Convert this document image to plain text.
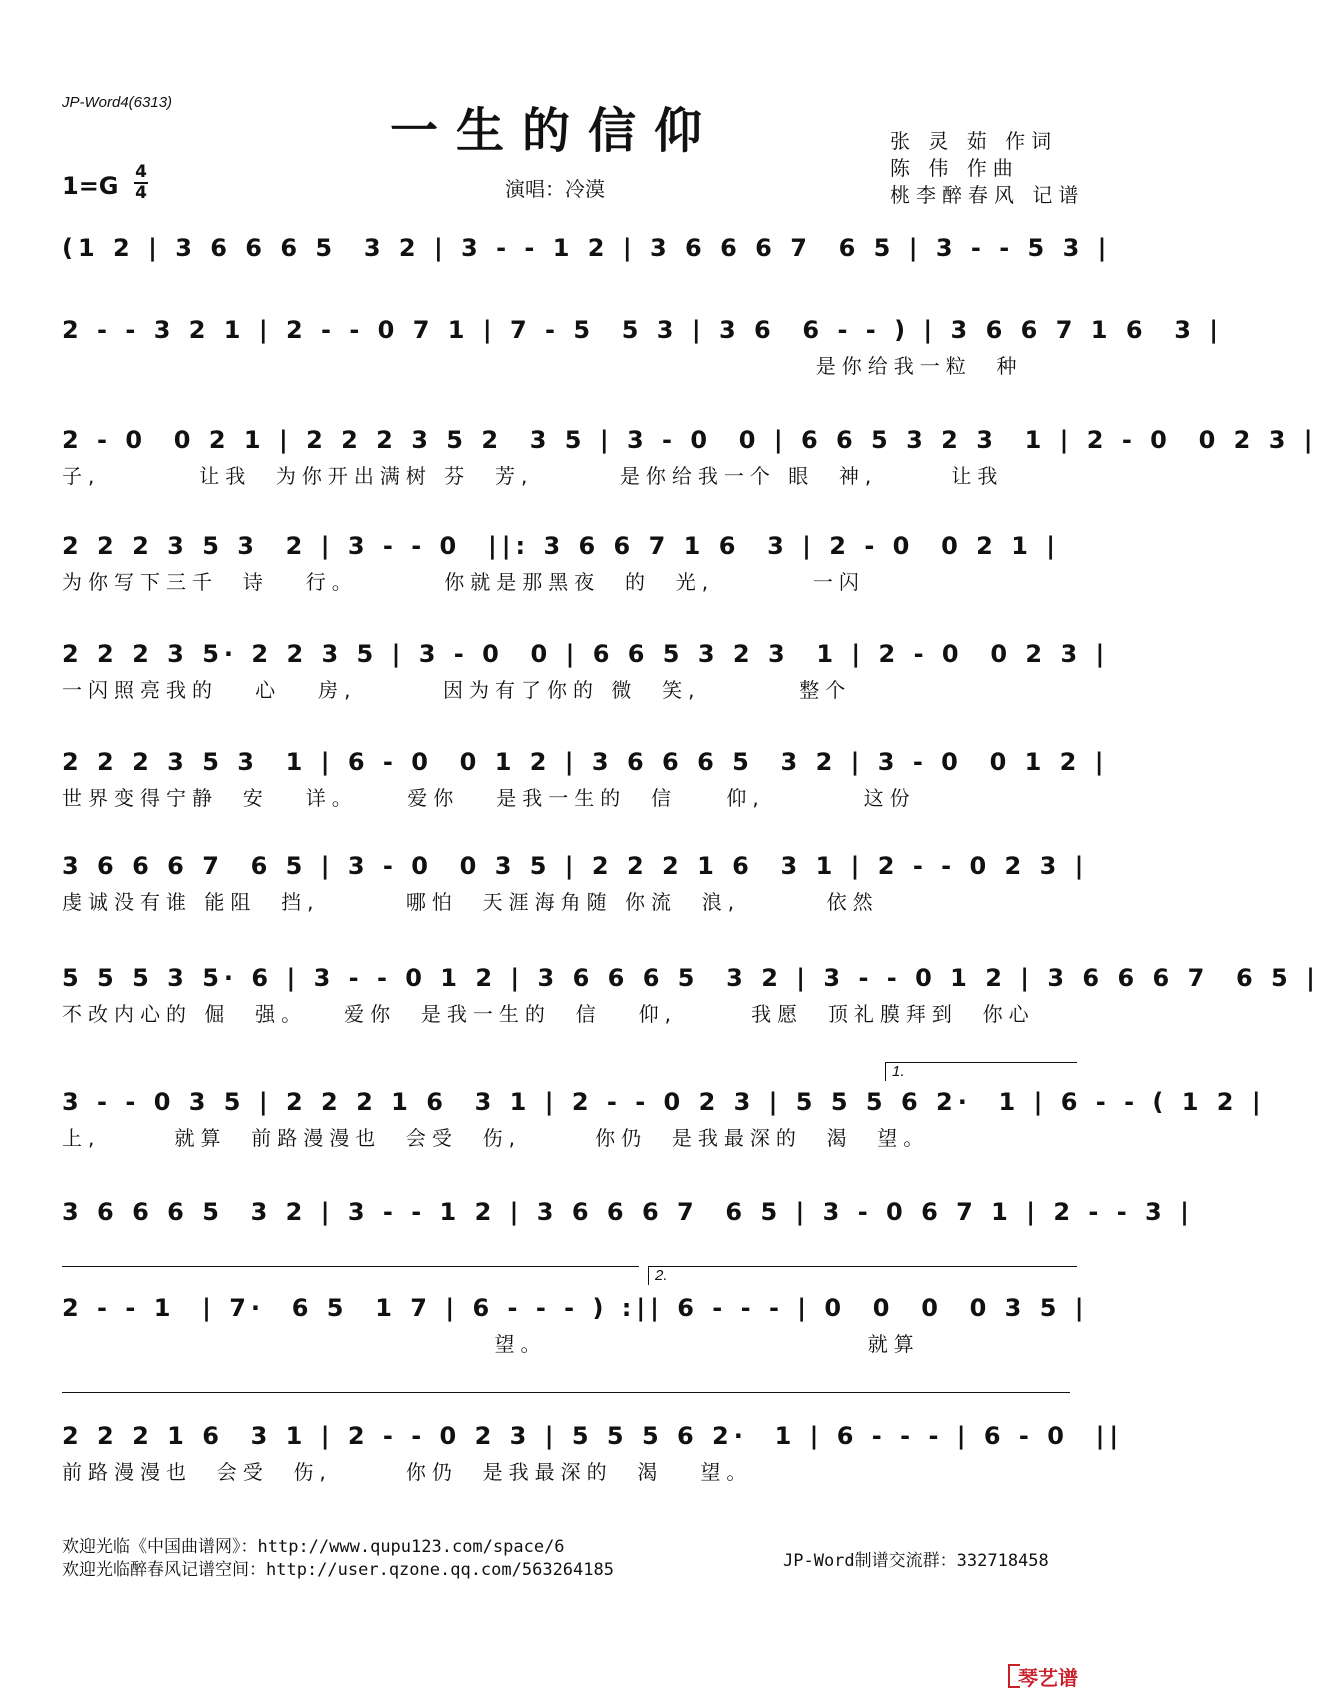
JP-Word4(6313)
一生的信仰	张 灵 茹 作词
陈 伟 作曲
桃李醉春风 记谱
1=G 4
4	演唱：冷漠
(1 2 | 3 6 6 6 5  3 2 | 3 - - 1 2 | 3 6 6 6 7  6 5 | 3 - - 5 3 |
2 - - 3 2 1 | 2 - - 0 7 1 | 7 - 5  5 3 | 3 6  6 - - ) | 3 6 6 7 1 6  3 |
是你给我一粒  种
2 - 0  0 2 1 | 2 2 2 3 5 2  3 5 | 3 - 0  0 | 6 6 5 3 2 3  1 | 2 - 0  0 2 3 |
子,        让我  为你开出满树 芬  芳,       是你给我一个 眼  神,      让我
2 2 2 3 5 3  2 | 3 - - 0  ||: 3 6 6 7 1 6  3 | 2 - 0  0 2 1 |
为你写下三千  诗   行。       你就是那黑夜  的  光,        一闪
2 2 2 3 5· 2 2 3 5 | 3 - 0  0 | 6 6 5 3 2 3  1 | 2 - 0  0 2 3 |
一闪照亮我的   心   房,       因为有了你的 微  笑,        整个
2 2 2 3 5 3  1 | 6 - 0  0 1 2 | 3 6 6 6 5  3 2 | 3 - 0  0 1 2 |
世界变得宁静  安   详。    爱你   是我一生的  信    仰,        这份
3 6 6 6 7  6 5 | 3 - 0  0 3 5 | 2 2 2 1 6  3 1 | 2 - - 0 2 3 |
虔诚没有谁 能阻  挡,       哪怕  天涯海角随 你流  浪,       依然
5 5 5 3 5· 6 | 3 - - 0 1 2 | 3 6 6 6 5  3 2 | 3 - - 0 1 2 | 3 6 6 6 7  6 5 |
不改内心的 倔  强。   爱你  是我一生的  信   仰,      我愿  顶礼膜拜到  你心
1.
3 - - 0 3 5 | 2 2 2 1 6  3 1 | 2 - - 0 2 3 | 5 5 5 6 2·  1 | 6 - - ( 1 2 |
上,      就算  前路漫漫也  会受  伤,      你仍  是我最深的  渴  望。
3 6 6 6 5  3 2 | 3 - - 1 2 | 3 6 6 6 7  6 5 | 3 - 0 6 7 1 | 2 - - 3 |
2.
2 - - 1  | 7·  6 5  1 7 | 6 - - - ) :|| 6 - - - | 0  0  0  0 3 5 |
望。                          就算
2 2 2 1 6  3 1 | 2 - - 0 2 3 | 5 5 5 6 2·  1 | 6 - - - | 6 - 0  ||
前路漫漫也  会受  伤,      你仍  是我最深的  渴   望。
欢迎光临《中国曲谱网》：http://www.qupu123.com/space/6
欢迎光临醉春风记谱空间：http://user.qzone.qq.com/563264185	JP-Word制谱交流群：332718458
琴艺谱
